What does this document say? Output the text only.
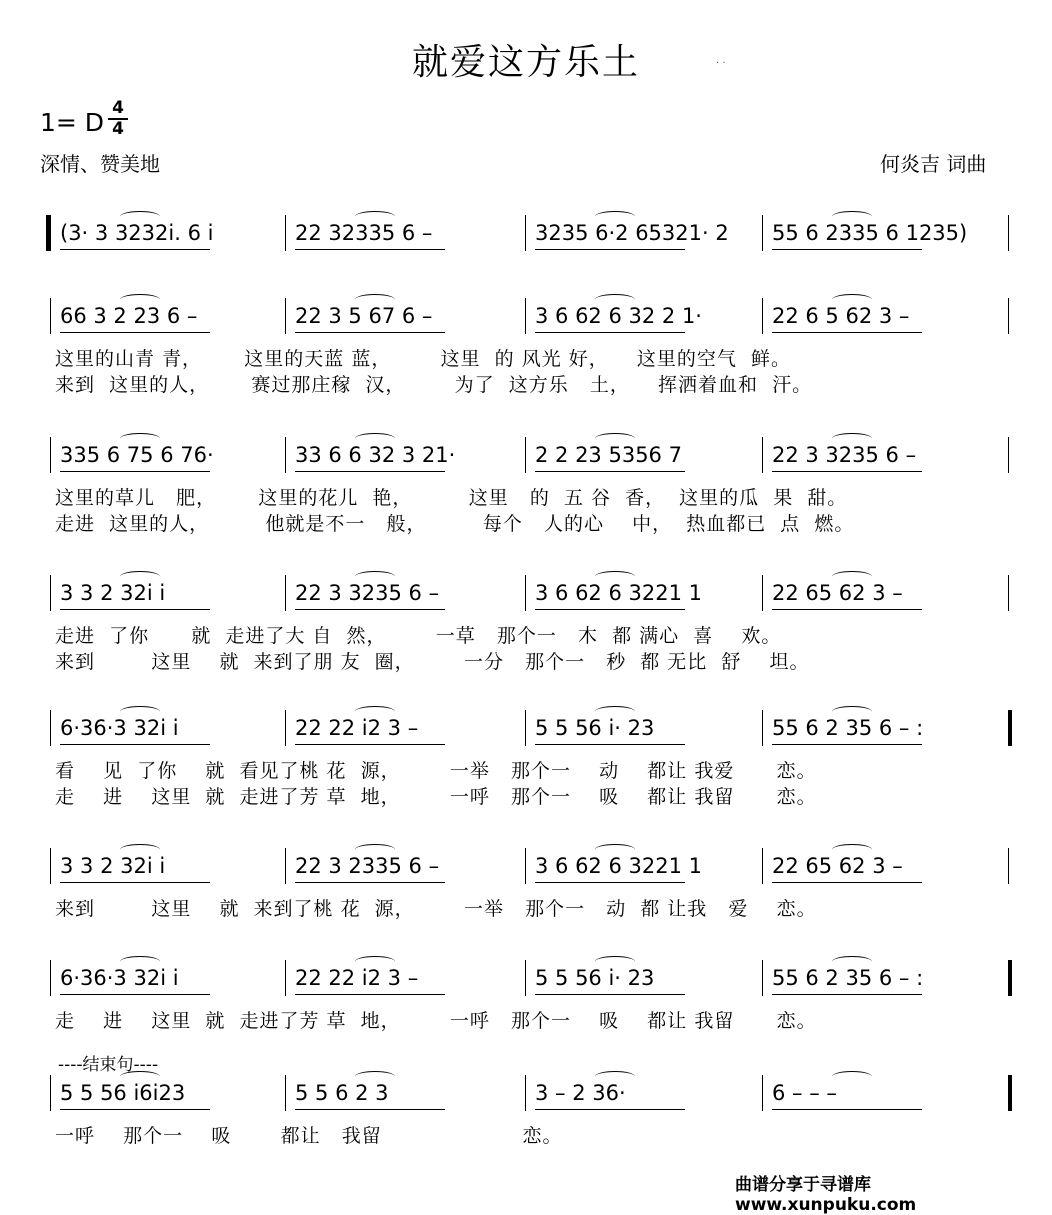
就爱这方乐土	· ·
1= D 4
4
深情、赞美地	何炎吉 词曲
(3· 3 3232i. 6 i	22 32335 6 –	3235 6·2 65321· 2 55 6 2335 6 1235)
66 3 2 23 6 –	22 3 5 67 6 –	3 6 62 6 32 2 1·	22 6 5 62 3 –
这里的山青 青，      这里的天蓝 蓝，       这里  的 风光 好，    这里的空气  鲜。
来到  这里的人，      赛过那庄稼  汉，       为了  这方乐   土，    挥洒着血和  汗。
335 6 75 6 76·	33 6 6 32 3 21·	2 2 23 5356 7	22 3 3235 6 –
这里的草儿   肥，      这里的花儿  艳，        这里   的  五 谷  香，  这里的瓜  果  甜。
走进  这里的人，        他就是不一   般，        每个   人的心    中，  热血都已  点  燃。
3 3 2 32i i	22 3 3235 6 –	3 6 62 6 3221 1	22 65 62 3 –
走进  了你      就  走进了大 自  然，       一草   那个一   木  都 满心  喜    欢。
来到        这里    就  来到了朋 友  圈，       一分   那个一   秒  都 无比  舒    坦。
6·36·3 32i i	22 22 i2 3 –	5 5 56 i· 23	55 6 2 35 6 – :
看    见  了你    就  看见了桃 花  源，       一举   那个一    动    都让 我爱      恋。
走    进    这里  就  走进了芳 草  地，       一呼   那个一    吸    都让 我留      恋。
3 3 2 32i i	22 3 2335 6 –	3 6 62 6 3221 1	22 65 62 3 –
来到        这里    就  来到了桃 花  源，       一举   那个一   动  都 让我   爱    恋。
6·36·3 32i i	22 22 i2 3 –	5 5 56 i· 23	55 6 2 35 6 – :
走    进    这里  就  走进了芳 草  地，       一呼   那个一    吸    都让 我留      恋。
5 5 56 i6i23	5 5 6 2 3	3 – 2 36·	6 – – –
一呼    那个一    吸       都让   我留                    恋。
----结束句----
曲谱分享于寻谱库 www.xunpuku.com
